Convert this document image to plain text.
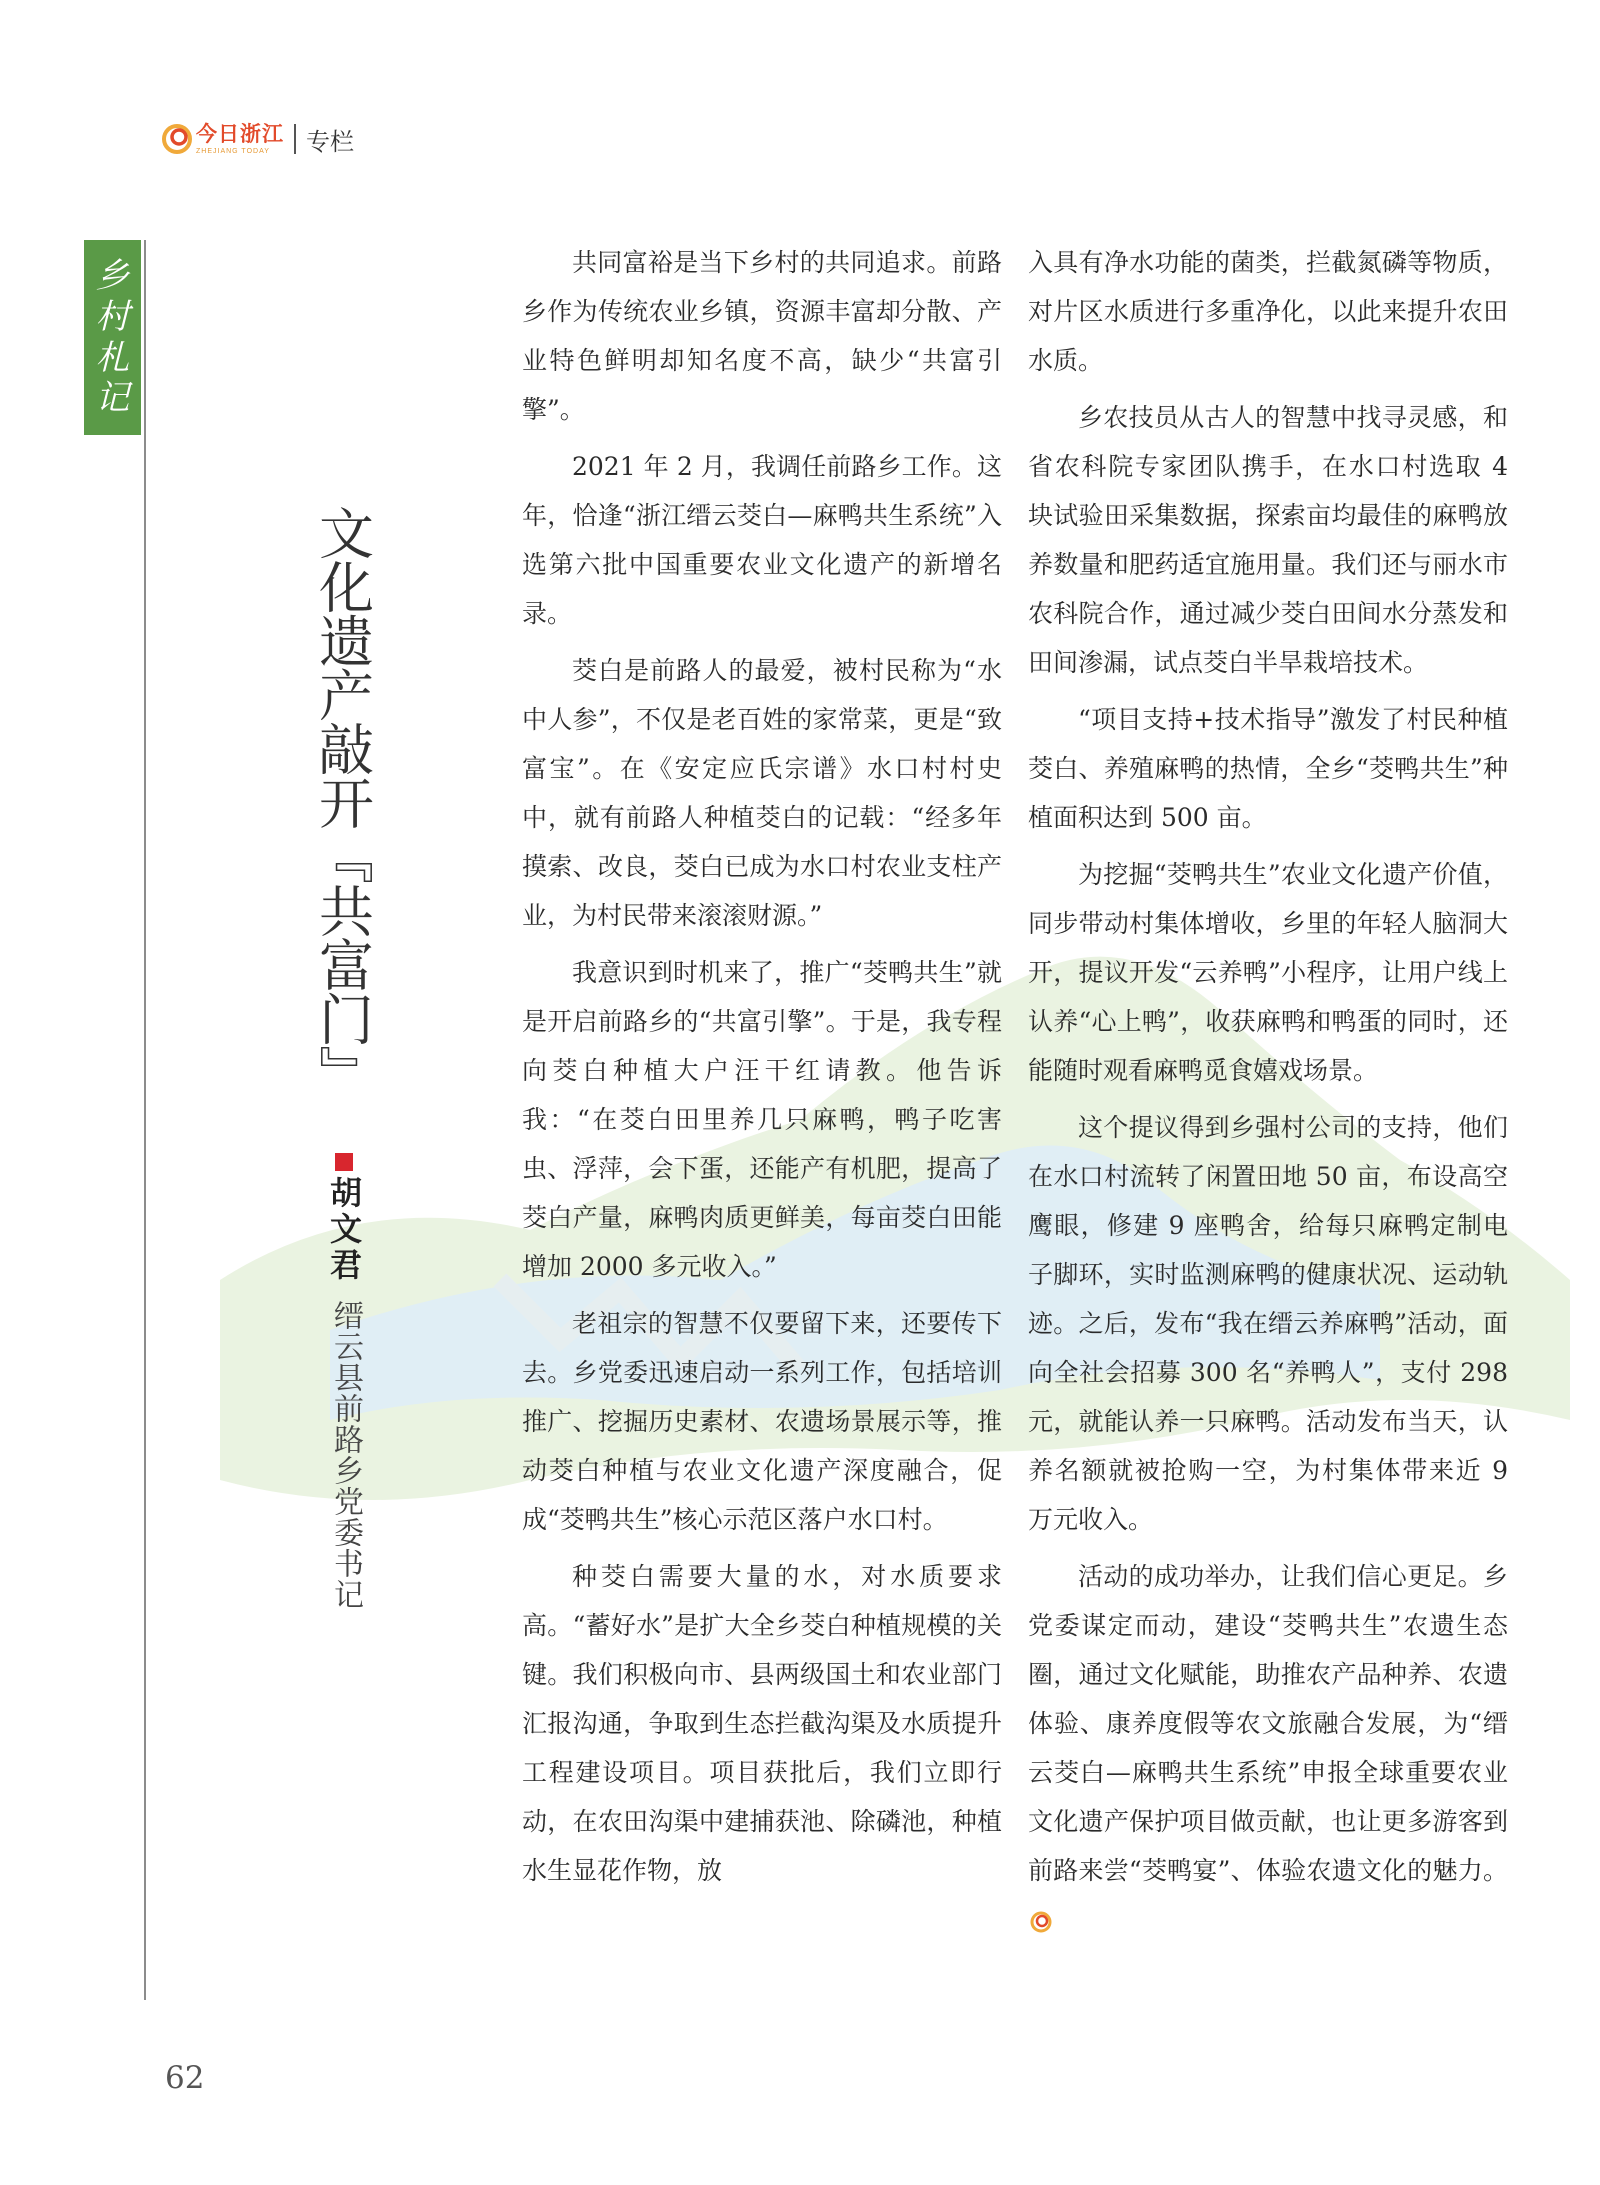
今日浙江
ZHEJIANG TODAY	专栏
乡
村
札
记
文化遗产敲开『共富门』
胡文君
缙云县前路乡党委书记

共同富裕是当下乡村的共同追求。前路乡作为传统农业乡镇，资源丰富却分散、产业特色鲜明却知名度不高，缺少“共富引擎”。

2021 年 2 月，我调任前路乡工作。这年，恰逢“浙江缙云茭白—麻鸭共生系统”入选第六批中国重要农业文化遗产的新增名录。

茭白是前路人的最爱，被村民称为“水中人参”，不仅是老百姓的家常菜，更是“致富宝”。在《安定应氏宗谱》水口村村史中，就有前路人种植茭白的记载：“经多年摸索、改良，茭白已成为水口村农业支柱产业，为村民带来滚滚财源。”

我意识到时机来了，推广“茭鸭共生”就是开启前路乡的“共富引擎”。于是，我专程向茭白种植大户汪干红请教。他告诉我：“在茭白田里养几只麻鸭，鸭子吃害虫、浮萍，会下蛋，还能产有机肥，提高了茭白产量，麻鸭肉质更鲜美，每亩茭白田能增加 2000 多元收入。”

老祖宗的智慧不仅要留下来，还要传下去。乡党委迅速启动一系列工作，包括培训推广、挖掘历史素材、农遗场景展示等，推动茭白种植与农业文化遗产深度融合，促成“茭鸭共生”核心示范区落户水口村。

种茭白需要大量的水，对水质要求高。“蓄好水”是扩大全乡茭白种植规模的关键。我们积极向市、县两级国土和农业部门汇报沟通，争取到生态拦截沟渠及水质提升工程建设项目。项目获批后，我们立即行动，在农田沟渠中建捕获池、除磷池，种植水生显花作物，放

入具有净水功能的菌类，拦截氮磷等物质，对片区水质进行多重净化，以此来提升农田水质。

乡农技员从古人的智慧中找寻灵感，和省农科院专家团队携手，在水口村选取 4 块试验田采集数据，探索亩均最佳的麻鸭放养数量和肥药适宜施用量。我们还与丽水市农科院合作，通过减少茭白田间水分蒸发和田间渗漏，试点茭白半旱栽培技术。

“项目支持+技术指导”激发了村民种植茭白、养殖麻鸭的热情，全乡“茭鸭共生”种植面积达到 500 亩。

为挖掘“茭鸭共生”农业文化遗产价值，同步带动村集体增收，乡里的年轻人脑洞大开，提议开发“云养鸭”小程序，让用户线上认养“心上鸭”，收获麻鸭和鸭蛋的同时，还能随时观看麻鸭觅食嬉戏场景。

这个提议得到乡强村公司的支持，他们在水口村流转了闲置田地 50 亩，布设高空鹰眼，修建 9 座鸭舍，给每只麻鸭定制电子脚环，实时监测麻鸭的健康状况、运动轨迹。之后，发布“我在缙云养麻鸭”活动，面向全社会招募 300 名“养鸭人”，支付 298 元，就能认养一只麻鸭。活动发布当天，认养名额就被抢购一空，为村集体带来近 9 万元收入。

活动的成功举办，让我们信心更足。乡党委谋定而动，建设“茭鸭共生”农遗生态圈，通过文化赋能，助推农产品种养、农遗体验、康养度假等农文旅融合发展，为“缙云茭白—麻鸭共生系统”申报全球重要农业文化遗产保护项目做贡献，也让更多游客到前路来尝“茭鸭宴”、体验农遗文化的魅力。

62
